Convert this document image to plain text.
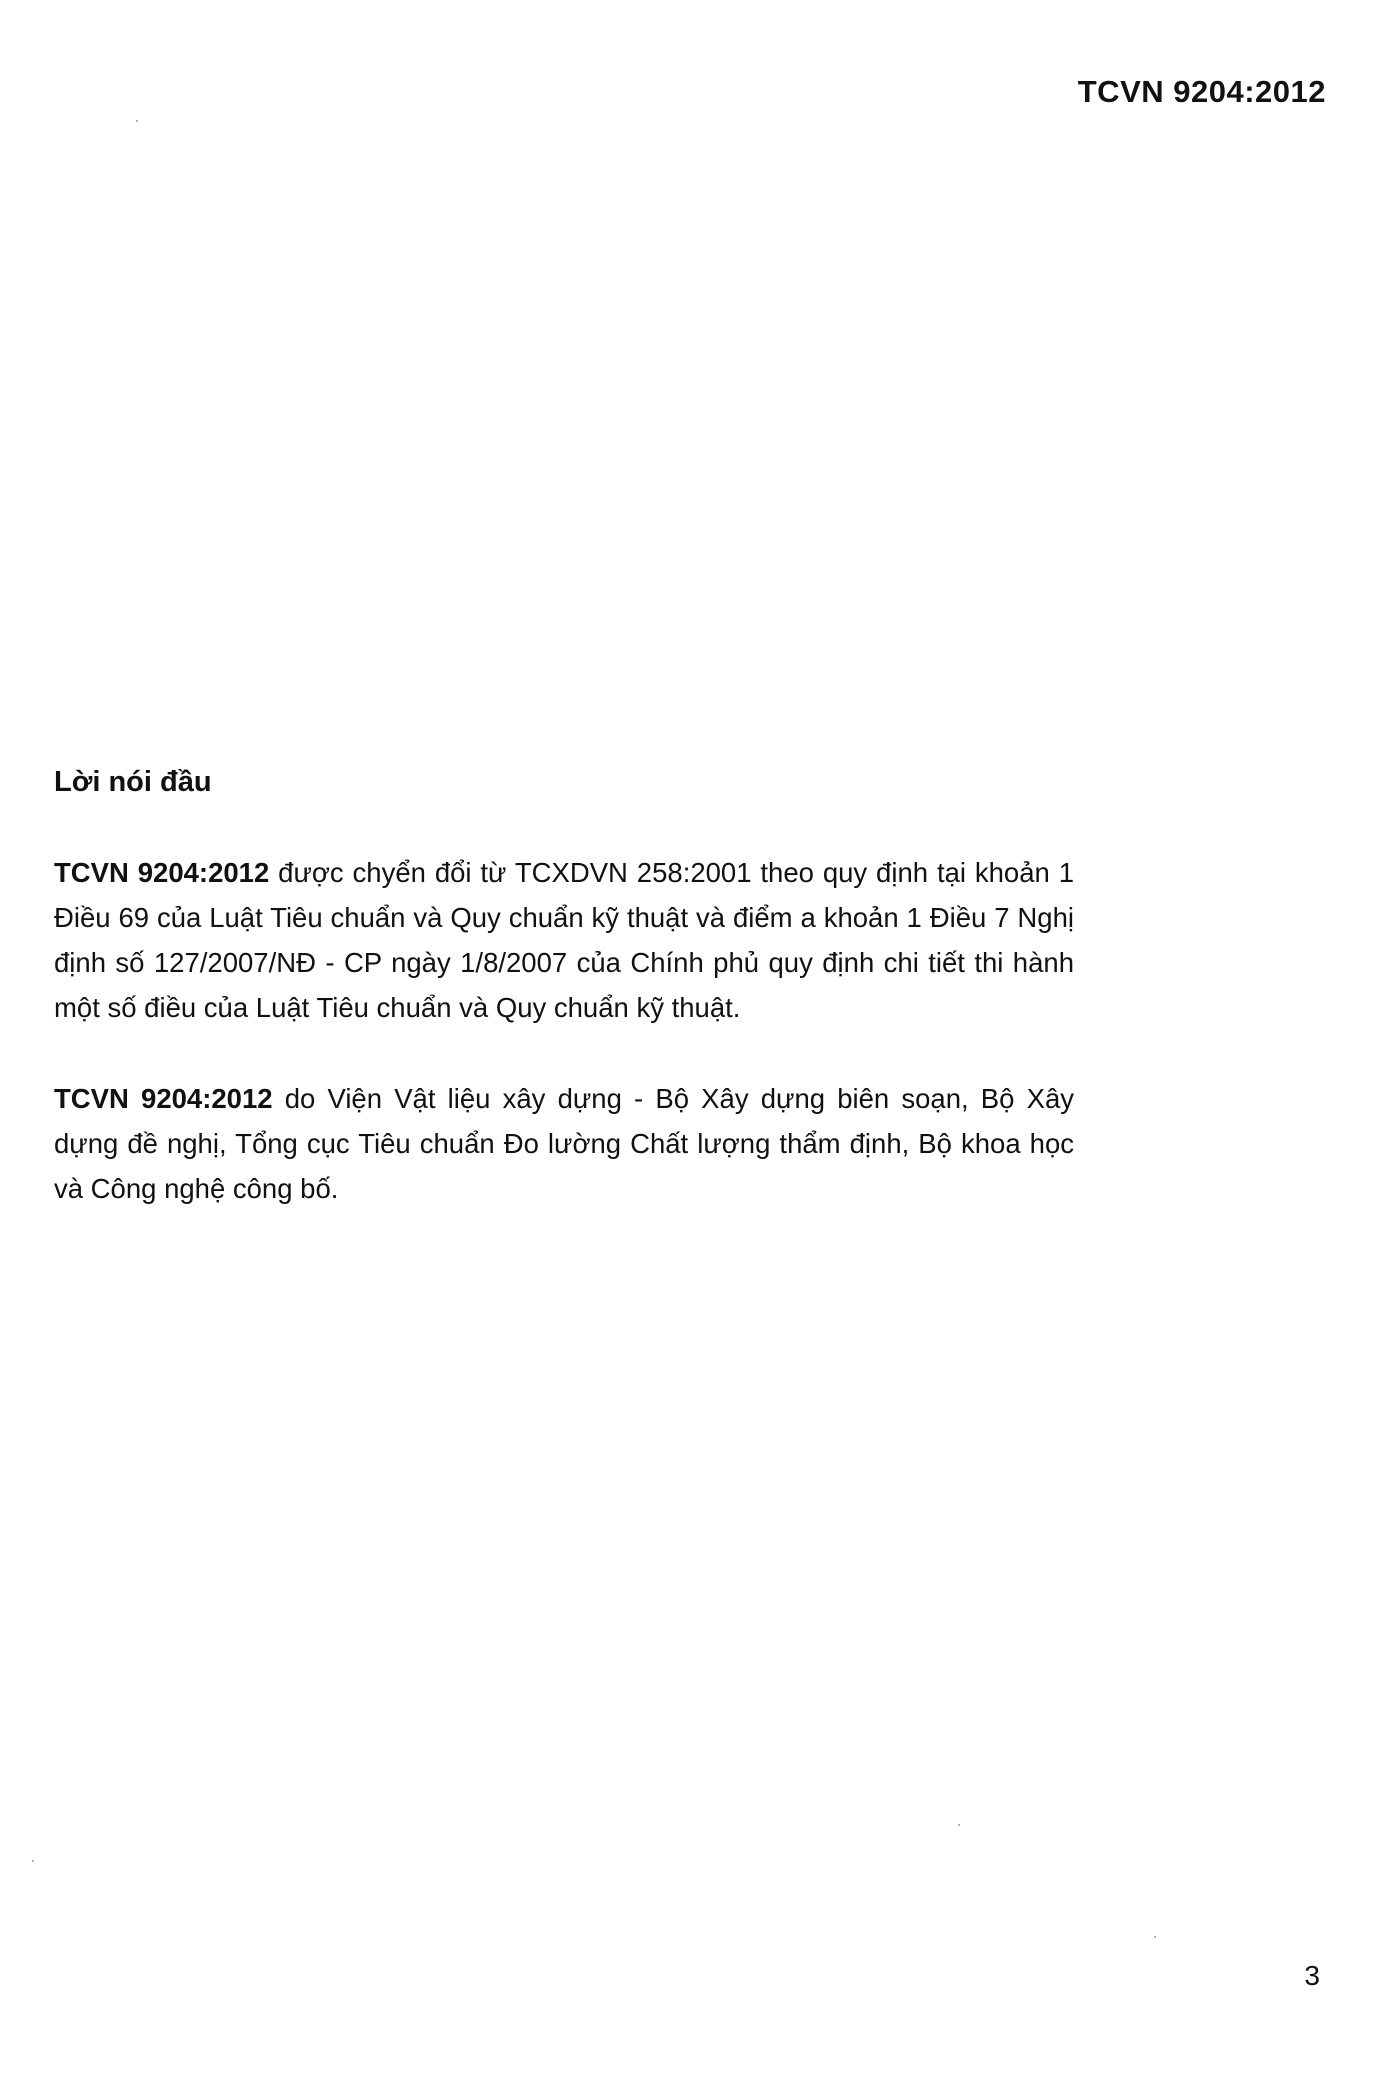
TCVN 9204:2012
Lời nói đầu

TCVN 9204:2012 được chyển đổi từ TCXDVN 258:2001 theo quy định tại khoản 1 Điều 69 của Luật Tiêu chuẩn và Quy chuẩn kỹ thuật và điểm a khoản 1 Điều 7 Nghị định số 127/2007/NĐ - CP ngày 1/8/2007 của Chính phủ quy định chi tiết thi hành một số điều của Luật Tiêu chuẩn và Quy chuẩn kỹ thuật.

TCVN 9204:2012 do Viện Vật liệu xây dựng - Bộ Xây dựng biên soạn, Bộ Xây dựng đề nghị, Tổng cục Tiêu chuẩn Đo lường Chất lượng thẩm định, Bộ khoa học và Công nghệ công bố.

3
